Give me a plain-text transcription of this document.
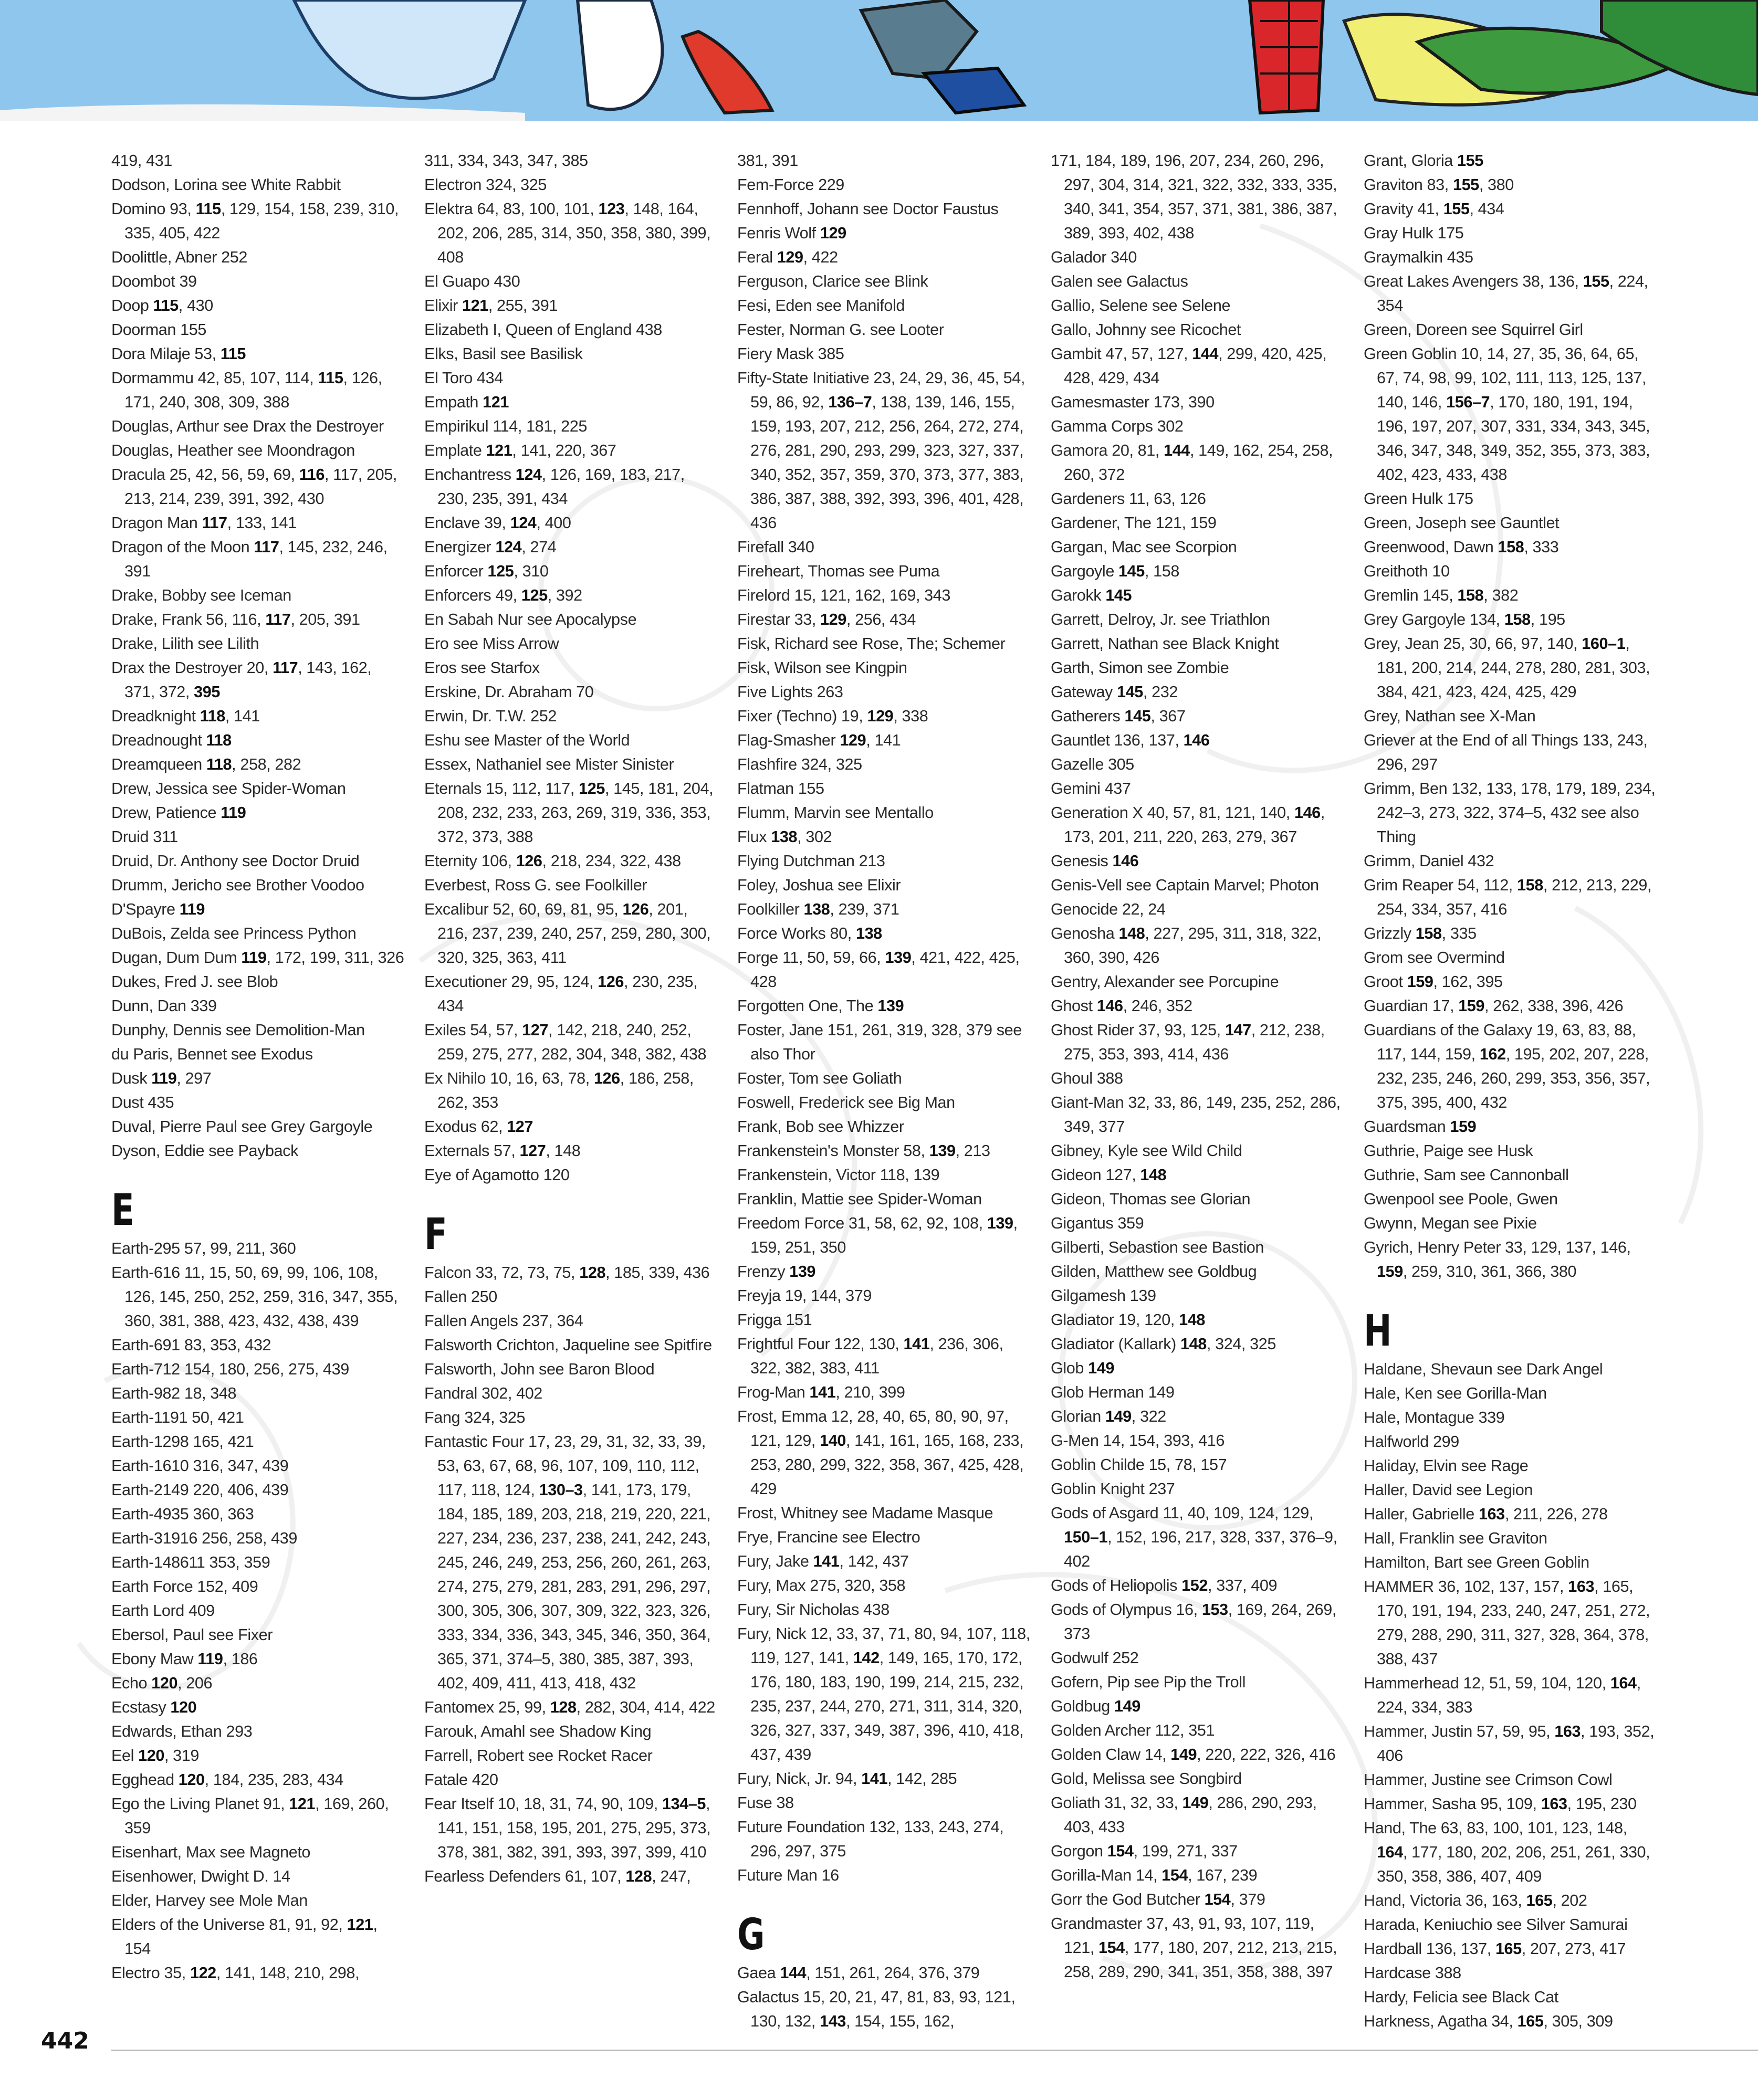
419, 431
Dodson, Lorina see White Rabbit
Domino 93, 115, 129, 154, 158, 239, 310, 335, 405, 422
Doolittle, Abner 252
Doombot 39
Doop 115, 430
Doorman 155
Dora Milaje 53, 115
Dormammu 42, 85, 107, 114, 115, 126, 171, 240, 308, 309, 388
Douglas, Arthur see Drax the Destroyer
Douglas, Heather see Moondragon
Dracula 25, 42, 56, 59, 69, 116, 117, 205, 213, 214, 239, 391, 392, 430
Dragon Man 117, 133, 141
Dragon of the Moon 117, 145, 232, 246, 391
Drake, Bobby see Iceman
Drake, Frank 56, 116, 117, 205, 391
Drake, Lilith see Lilith
Drax the Destroyer 20, 117, 143, 162, 371, 372, 395
Dreadknight 118, 141
Dreadnought 118
Dreamqueen 118, 258, 282
Drew, Jessica see Spider-Woman
Drew, Patience 119
Druid 311
Druid, Dr. Anthony see Doctor Druid
Drumm, Jericho see Brother Voodoo
D'Spayre 119
DuBois, Zelda see Princess Python
Dugan, Dum Dum 119, 172, 199, 311, 326
Dukes, Fred J. see Blob
Dunn, Dan 339
Dunphy, Dennis see Demolition-Man
du Paris, Bennet see Exodus
Dusk 119, 297
Dust 435
Duval, Pierre Paul see Grey Gargoyle
Dyson, Eddie see Payback
E
Earth-295 57, 99, 211, 360
Earth-616 11, 15, 50, 69, 99, 106, 108, 126, 145, 250, 252, 259, 316, 347, 355, 360, 381, 388, 423, 432, 438, 439
Earth-691 83, 353, 432
Earth-712 154, 180, 256, 275, 439
Earth-982 18, 348
Earth-1191 50, 421
Earth-1298 165, 421
Earth-1610 316, 347, 439
Earth-2149 220, 406, 439
Earth-4935 360, 363
Earth-31916 256, 258, 439
Earth-148611 353, 359
Earth Force 152, 409
Earth Lord 409
Ebersol, Paul see Fixer
Ebony Maw 119, 186
Echo 120, 206
Ecstasy 120
Edwards, Ethan 293
Eel 120, 319
Egghead 120, 184, 235, 283, 434
Ego the Living Planet 91, 121, 169, 260, 359
Eisenhart, Max see Magneto
Eisenhower, Dwight D. 14
Elder, Harvey see Mole Man
Elders of the Universe 81, 91, 92, 121, 154
Electro 35, 122, 141, 148, 210, 298,
311, 334, 343, 347, 385
Electron 324, 325
Elektra 64, 83, 100, 101, 123, 148, 164, 202, 206, 285, 314, 350, 358, 380, 399, 408
El Guapo 430
Elixir 121, 255, 391
Elizabeth I, Queen of England 438
Elks, Basil see Basilisk
El Toro 434
Empath 121
Empirikul 114, 181, 225
Emplate 121, 141, 220, 367
Enchantress 124, 126, 169, 183, 217, 230, 235, 391, 434
Enclave 39, 124, 400
Energizer 124, 274
Enforcer 125, 310
Enforcers 49, 125, 392
En Sabah Nur see Apocalypse
Ero see Miss Arrow
Eros see Starfox
Erskine, Dr. Abraham 70
Erwin, Dr. T.W. 252
Eshu see Master of the World
Essex, Nathaniel see Mister Sinister
Eternals 15, 112, 117, 125, 145, 181, 204, 208, 232, 233, 263, 269, 319, 336, 353, 372, 373, 388
Eternity 106, 126, 218, 234, 322, 438
Everbest, Ross G. see Foolkiller
Excalibur 52, 60, 69, 81, 95, 126, 201, 216, 237, 239, 240, 257, 259, 280, 300, 320, 325, 363, 411
Executioner 29, 95, 124, 126, 230, 235, 434
Exiles 54, 57, 127, 142, 218, 240, 252, 259, 275, 277, 282, 304, 348, 382, 438
Ex Nihilo 10, 16, 63, 78, 126, 186, 258, 262, 353
Exodus 62, 127
Externals 57, 127, 148
Eye of Agamotto 120
F
Falcon 33, 72, 73, 75, 128, 185, 339, 436
Fallen 250
Fallen Angels 237, 364
Falsworth Crichton, Jaqueline see Spitfire
Falsworth, John see Baron Blood
Fandral 302, 402
Fang 324, 325
Fantastic Four 17, 23, 29, 31, 32, 33, 39, 53, 63, 67, 68, 96, 107, 109, 110, 112, 117, 118, 124, 130–3, 141, 173, 179, 184, 185, 189, 203, 218, 219, 220, 221, 227, 234, 236, 237, 238, 241, 242, 243, 245, 246, 249, 253, 256, 260, 261, 263, 274, 275, 279, 281, 283, 291, 296, 297, 300, 305, 306, 307, 309, 322, 323, 326, 333, 334, 336, 343, 345, 346, 350, 364, 365, 371, 374–5, 380, 385, 387, 393, 402, 409, 411, 413, 418, 432
Fantomex 25, 99, 128, 282, 304, 414, 422
Farouk, Amahl see Shadow King
Farrell, Robert see Rocket Racer
Fatale 420
Fear Itself 10, 18, 31, 74, 90, 109, 134–5, 141, 151, 158, 195, 201, 275, 295, 373, 378, 381, 382, 391, 393, 397, 399, 410
Fearless Defenders 61, 107, 128, 247,
381, 391
Fem-Force 229
Fennhoff, Johann see Doctor Faustus
Fenris Wolf 129
Feral 129, 422
Ferguson, Clarice see Blink
Fesi, Eden see Manifold
Fester, Norman G. see Looter
Fiery Mask 385
Fifty-State Initiative 23, 24, 29, 36, 45, 54, 59, 86, 92, 136–7, 138, 139, 146, 155, 159, 193, 207, 212, 256, 264, 272, 274, 276, 281, 290, 293, 299, 323, 327, 337, 340, 352, 357, 359, 370, 373, 377, 383, 386, 387, 388, 392, 393, 396, 401, 428, 436
Firefall 340
Fireheart, Thomas see Puma
Firelord 15, 121, 162, 169, 343
Firestar 33, 129, 256, 434
Fisk, Richard see Rose, The; Schemer
Fisk, Wilson see Kingpin
Five Lights 263
Fixer (Techno) 19, 129, 338
Flag-Smasher 129, 141
Flashfire 324, 325
Flatman 155
Flumm, Marvin see Mentallo
Flux 138, 302
Flying Dutchman 213
Foley, Joshua see Elixir
Foolkiller 138, 239, 371
Force Works 80, 138
Forge 11, 50, 59, 66, 139, 421, 422, 425, 428
Forgotten One, The 139
Foster, Jane 151, 261, 319, 328, 379 see also Thor
Foster, Tom see Goliath
Foswell, Frederick see Big Man
Frank, Bob see Whizzer
Frankenstein's Monster 58, 139, 213
Frankenstein, Victor 118, 139
Franklin, Mattie see Spider-Woman
Freedom Force 31, 58, 62, 92, 108, 139, 159, 251, 350
Frenzy 139
Freyja 19, 144, 379
Frigga 151
Frightful Four 122, 130, 141, 236, 306, 322, 382, 383, 411
Frog-Man 141, 210, 399
Frost, Emma 12, 28, 40, 65, 80, 90, 97, 121, 129, 140, 141, 161, 165, 168, 233, 253, 280, 299, 322, 358, 367, 425, 428, 429
Frost, Whitney see Madame Masque
Frye, Francine see Electro
Fury, Jake 141, 142, 437
Fury, Max 275, 320, 358
Fury, Sir Nicholas 438
Fury, Nick 12, 33, 37, 71, 80, 94, 107, 118, 119, 127, 141, 142, 149, 165, 170, 172, 176, 180, 183, 190, 199, 214, 215, 232, 235, 237, 244, 270, 271, 311, 314, 320, 326, 327, 337, 349, 387, 396, 410, 418, 437, 439
Fury, Nick, Jr. 94, 141, 142, 285
Fuse 38
Future Foundation 132, 133, 243, 274, 296, 297, 375
Future Man 16
G
Gaea 144, 151, 261, 264, 376, 379
Galactus 15, 20, 21, 47, 81, 83, 93, 121, 130, 132, 143, 154, 155, 162,
171, 184, 189, 196, 207, 234, 260, 296, 297, 304, 314, 321, 322, 332, 333, 335, 340, 341, 354, 357, 371, 381, 386, 387, 389, 393, 402, 438
Galador 340
Galen see Galactus
Gallio, Selene see Selene
Gallo, Johnny see Ricochet
Gambit 47, 57, 127, 144, 299, 420, 425, 428, 429, 434
Gamesmaster 173, 390
Gamma Corps 302
Gamora 20, 81, 144, 149, 162, 254, 258, 260, 372
Gardeners 11, 63, 126
Gardener, The 121, 159
Gargan, Mac see Scorpion
Gargoyle 145, 158
Garokk 145
Garrett, Delroy, Jr. see Triathlon
Garrett, Nathan see Black Knight
Garth, Simon see Zombie
Gateway 145, 232
Gatherers 145, 367
Gauntlet 136, 137, 146
Gazelle 305
Gemini 437
Generation X 40, 57, 81, 121, 140, 146, 173, 201, 211, 220, 263, 279, 367
Genesis 146
Genis-Vell see Captain Marvel; Photon
Genocide 22, 24
Genosha 148, 227, 295, 311, 318, 322, 360, 390, 426
Gentry, Alexander see Porcupine
Ghost 146, 246, 352
Ghost Rider 37, 93, 125, 147, 212, 238, 275, 353, 393, 414, 436
Ghoul 388
Giant-Man 32, 33, 86, 149, 235, 252, 286, 349, 377
Gibney, Kyle see Wild Child
Gideon 127, 148
Gideon, Thomas see Glorian
Gigantus 359
Gilberti, Sebastion see Bastion
Gilden, Matthew see Goldbug
Gilgamesh 139
Gladiator 19, 120, 148
Gladiator (Kallark) 148, 324, 325
Glob 149
Glob Herman 149
Glorian 149, 322
G-Men 14, 154, 393, 416
Goblin Childe 15, 78, 157
Goblin Knight 237
Gods of Asgard 11, 40, 109, 124, 129, 150–1, 152, 196, 217, 328, 337, 376–9, 402
Gods of Heliopolis 152, 337, 409
Gods of Olympus 16, 153, 169, 264, 269, 373
Godwulf 252
Gofern, Pip see Pip the Troll
Goldbug 149
Golden Archer 112, 351
Golden Claw 14, 149, 220, 222, 326, 416
Gold, Melissa see Songbird
Goliath 31, 32, 33, 149, 286, 290, 293, 403, 433
Gorgon 154, 199, 271, 337
Gorilla-Man 14, 154, 167, 239
Gorr the God Butcher 154, 379
Grandmaster 37, 43, 91, 93, 107, 119, 121, 154, 177, 180, 207, 212, 213, 215, 258, 289, 290, 341, 351, 358, 388, 397
Grant, Gloria 155
Graviton 83, 155, 380
Gravity 41, 155, 434
Gray Hulk 175
Graymalkin 435
Great Lakes Avengers 38, 136, 155, 224, 354
Green, Doreen see Squirrel Girl
Green Goblin 10, 14, 27, 35, 36, 64, 65, 67, 74, 98, 99, 102, 111, 113, 125, 137, 140, 146, 156–7, 170, 180, 191, 194, 196, 197, 207, 307, 331, 334, 343, 345, 346, 347, 348, 349, 352, 355, 373, 383, 402, 423, 433, 438
Green Hulk 175
Green, Joseph see Gauntlet
Greenwood, Dawn 158, 333
Greithoth 10
Gremlin 145, 158, 382
Grey Gargoyle 134, 158, 195
Grey, Jean 25, 30, 66, 97, 140, 160–1, 181, 200, 214, 244, 278, 280, 281, 303, 384, 421, 423, 424, 425, 429
Grey, Nathan see X-Man
Griever at the End of all Things 133, 243, 296, 297
Grimm, Ben 132, 133, 178, 179, 189, 234, 242–3, 273, 322, 374–5, 432 see also Thing
Grimm, Daniel 432
Grim Reaper 54, 112, 158, 212, 213, 229, 254, 334, 357, 416
Grizzly 158, 335
Grom see Overmind
Groot 159, 162, 395
Guardian 17, 159, 262, 338, 396, 426
Guardians of the Galaxy 19, 63, 83, 88, 117, 144, 159, 162, 195, 202, 207, 228, 232, 235, 246, 260, 299, 353, 356, 357, 375, 395, 400, 432
Guardsman 159
Guthrie, Paige see Husk
Guthrie, Sam see Cannonball
Gwenpool see Poole, Gwen
Gwynn, Megan see Pixie
Gyrich, Henry Peter 33, 129, 137, 146, 159, 259, 310, 361, 366, 380
H
Haldane, Shevaun see Dark Angel
Hale, Ken see Gorilla-Man
Hale, Montague 339
Halfworld 299
Haliday, Elvin see Rage
Haller, David see Legion
Haller, Gabrielle 163, 211, 226, 278
Hall, Franklin see Graviton
Hamilton, Bart see Green Goblin
HAMMER 36, 102, 137, 157, 163, 165, 170, 191, 194, 233, 240, 247, 251, 272, 279, 288, 290, 311, 327, 328, 364, 378, 388, 437
Hammerhead 12, 51, 59, 104, 120, 164, 224, 334, 383
Hammer, Justin 57, 59, 95, 163, 193, 352, 406
Hammer, Justine see Crimson Cowl
Hammer, Sasha 95, 109, 163, 195, 230
Hand, The 63, 83, 100, 101, 123, 148, 164, 177, 180, 202, 206, 251, 261, 330, 350, 358, 386, 407, 409
Hand, Victoria 36, 163, 165, 202
Harada, Keniuchio see Silver Samurai
Hardball 136, 137, 165, 207, 273, 417
Hardcase 388
Hardy, Felicia see Black Cat
Harkness, Agatha 34, 165, 305, 309
442
